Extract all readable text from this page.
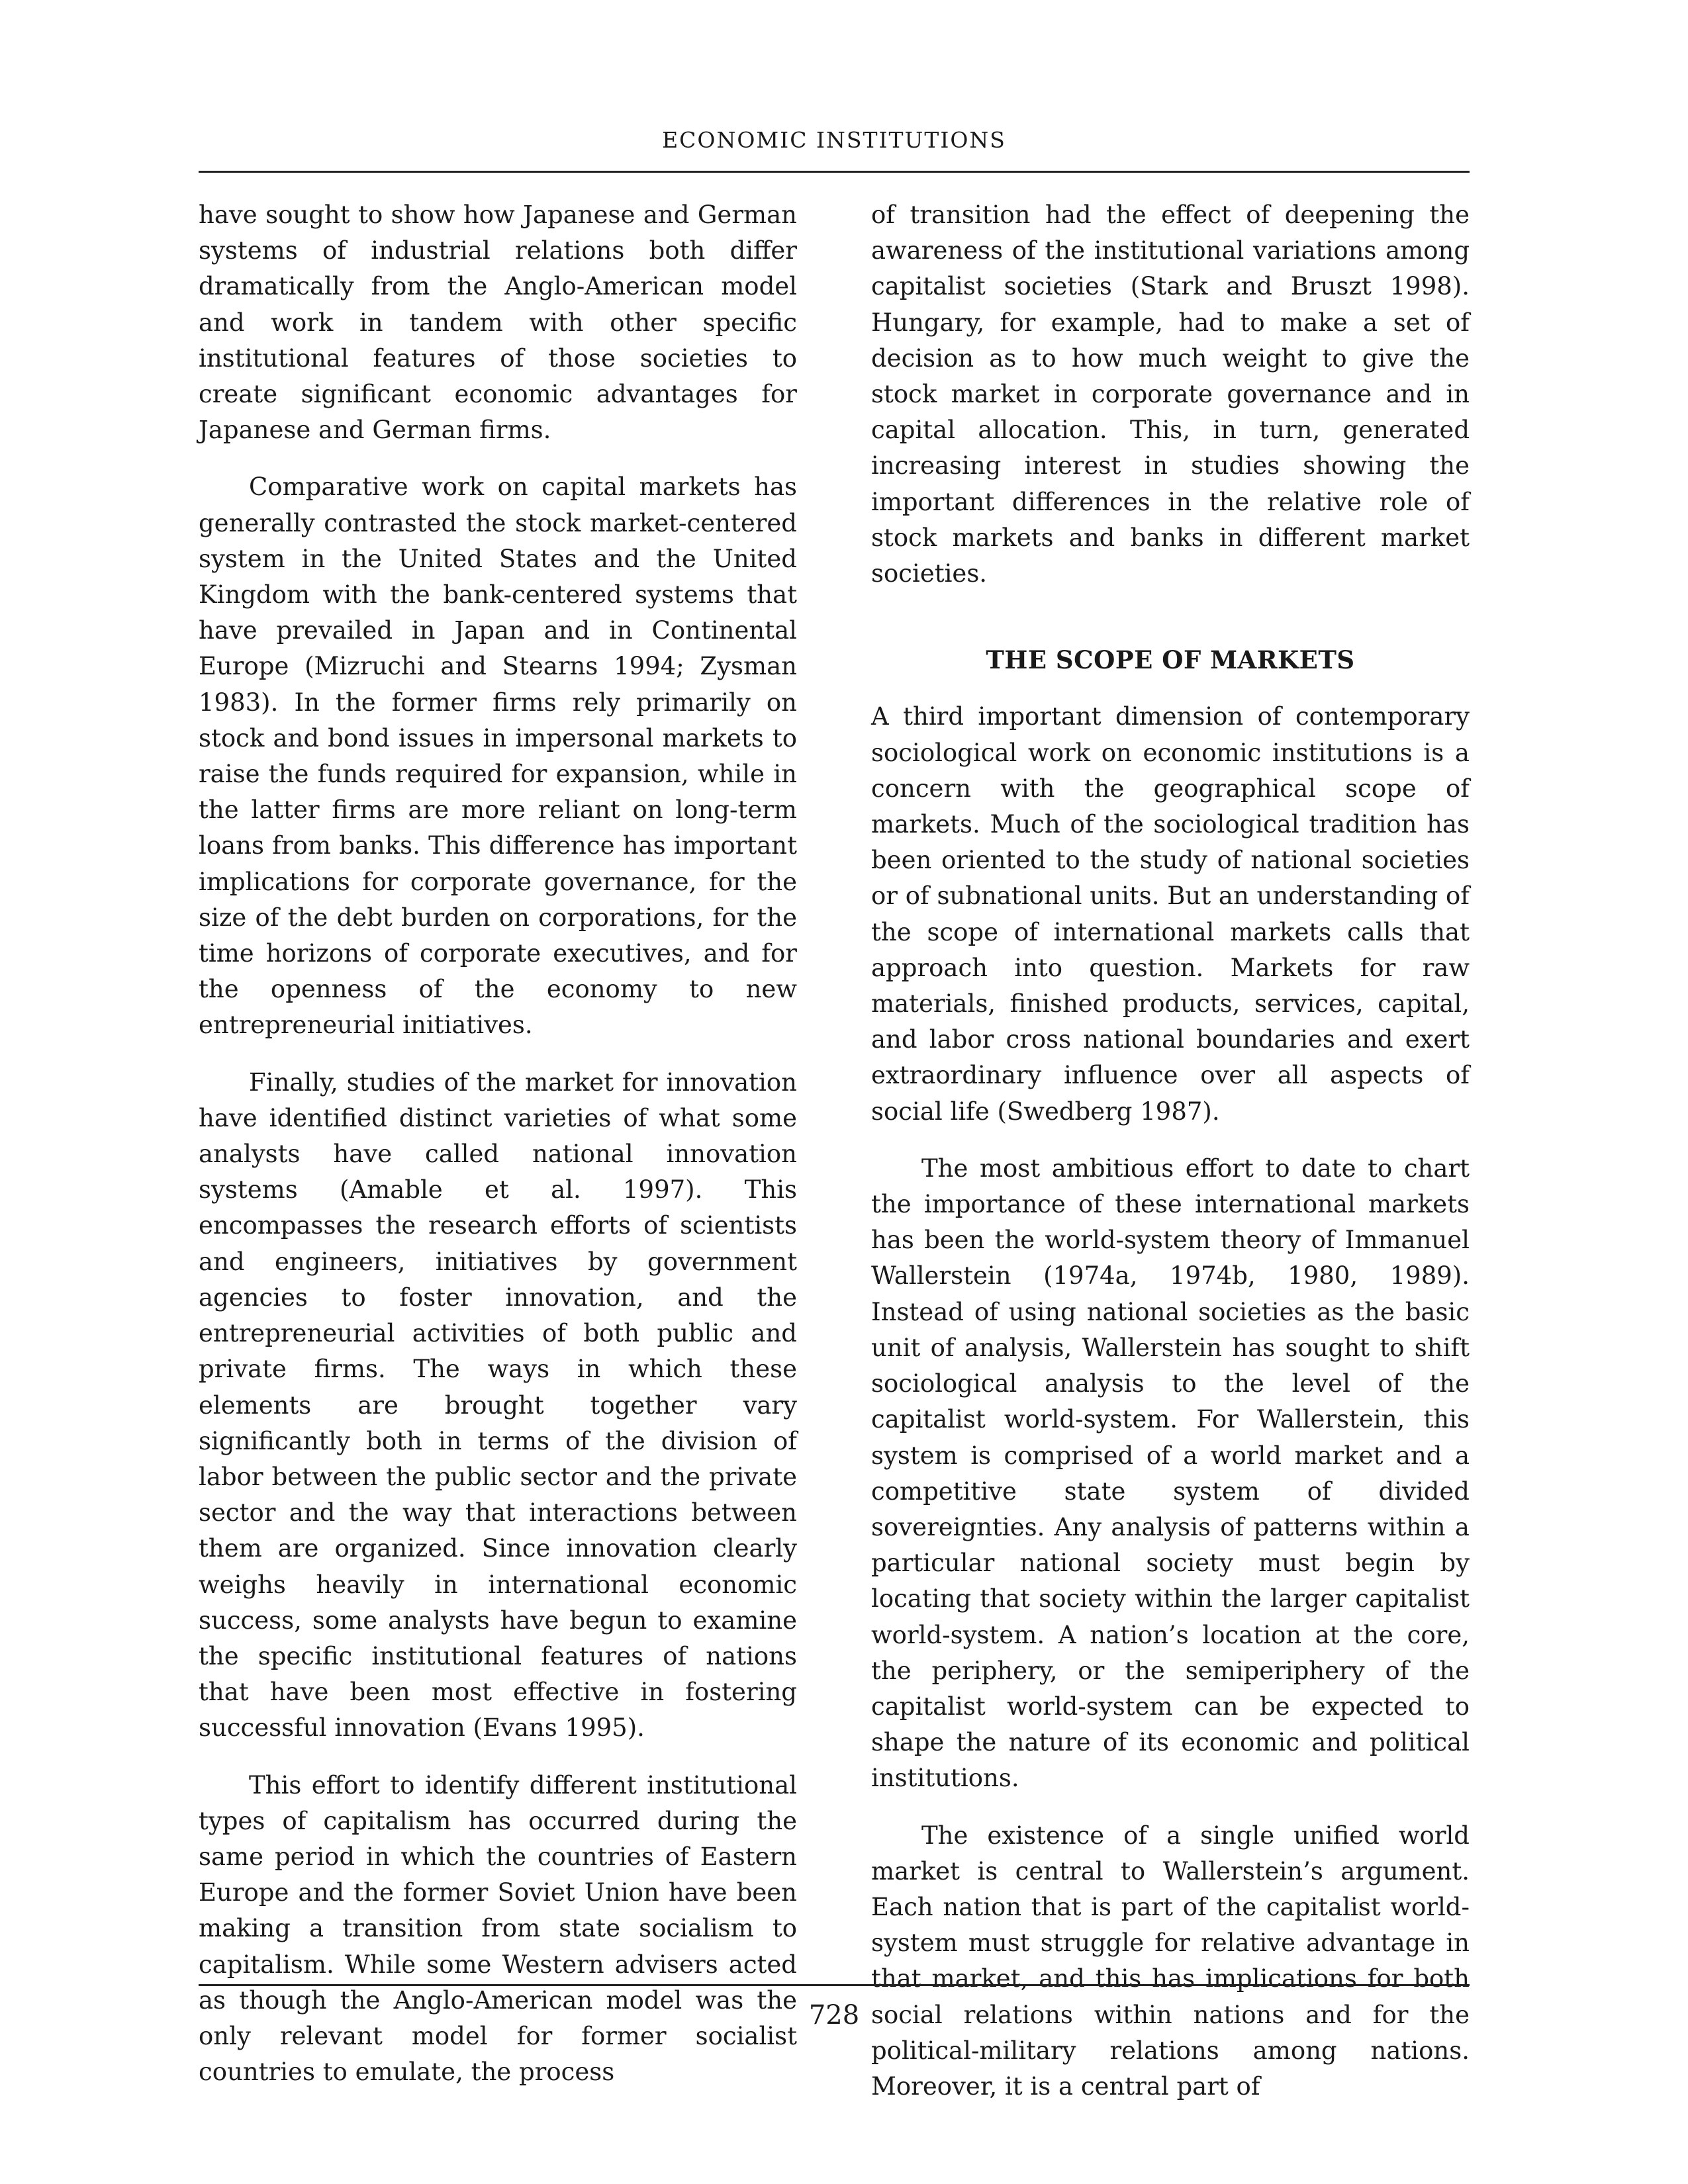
ECONOMIC INSTITUTIONS

have sought to show how Japanese and German systems of industrial relations both differ dramatically from the Anglo-American model and work in tandem with other specific institutional features of those societies to create significant economic advantages for Japanese and German firms.

Comparative work on capital markets has generally contrasted the stock market-centered system in the United States and the United Kingdom with the bank-centered systems that have prevailed in Japan and in Continental Europe (Mizruchi and Stearns 1994; Zysman 1983). In the former firms rely primarily on stock and bond issues in impersonal markets to raise the funds required for expansion, while in the latter firms are more reliant on long-term loans from banks. This difference has important implications for corporate governance, for the size of the debt burden on corporations, for the time horizons of corporate executives, and for the openness of the economy to new entrepreneurial initiatives.

Finally, studies of the market for innovation have identified distinct varieties of what some analysts have called national innovation systems (Amable et al. 1997). This encompasses the research efforts of scientists and engineers, initiatives by government agencies to foster innovation, and the entrepreneurial activities of both public and private firms. The ways in which these elements are brought together vary significantly both in terms of the division of labor between the public sector and the private sector and the way that interactions between them are organized. Since innovation clearly weighs heavily in international economic success, some analysts have begun to examine the specific institutional features of nations that have been most effective in fostering successful innovation (Evans 1995).

This effort to identify different institutional types of capitalism has occurred during the same period in which the countries of Eastern Europe and the former Soviet Union have been making a transition from state socialism to capitalism. While some Western advisers acted as though the Anglo-American model was the only relevant model for former socialist countries to emulate, the process

of transition had the effect of deepening the awareness of the institutional variations among capitalist societies (Stark and Bruszt 1998). Hungary, for example, had to make a set of decision as to how much weight to give the stock market in corporate governance and in capital allocation. This, in turn, generated increasing interest in studies showing the important differences in the relative role of stock markets and banks in different market societies.

THE SCOPE OF MARKETS

A third important dimension of contemporary sociological work on economic institutions is a concern with the geographical scope of markets. Much of the sociological tradition has been oriented to the study of national societies or of subnational units. But an understanding of the scope of international markets calls that approach into question. Markets for raw materials, finished products, services, capital, and labor cross national boundaries and exert extraordinary influence over all aspects of social life (Swedberg 1987).

The most ambitious effort to date to chart the importance of these international markets has been the world-system theory of Immanuel Wallerstein (1974a, 1974b, 1980, 1989). Instead of using national societies as the basic unit of analysis, Wallerstein has sought to shift sociological analysis to the level of the capitalist world-system. For Wallerstein, this system is comprised of a world market and a competitive state system of divided sovereignties. Any analysis of patterns within a particular national society must begin by locating that society within the larger capitalist world-system. A nation’s location at the core, the periphery, or the semiperiphery of the capitalist world-system can be expected to shape the nature of its economic and political institutions.

The existence of a single unified world market is central to Wallerstein’s argument. Each nation that is part of the capitalist world-system must struggle for relative advantage in that market, and this has implications for both social relations within nations and for the political-military relations among nations. Moreover, it is a central part of

728
